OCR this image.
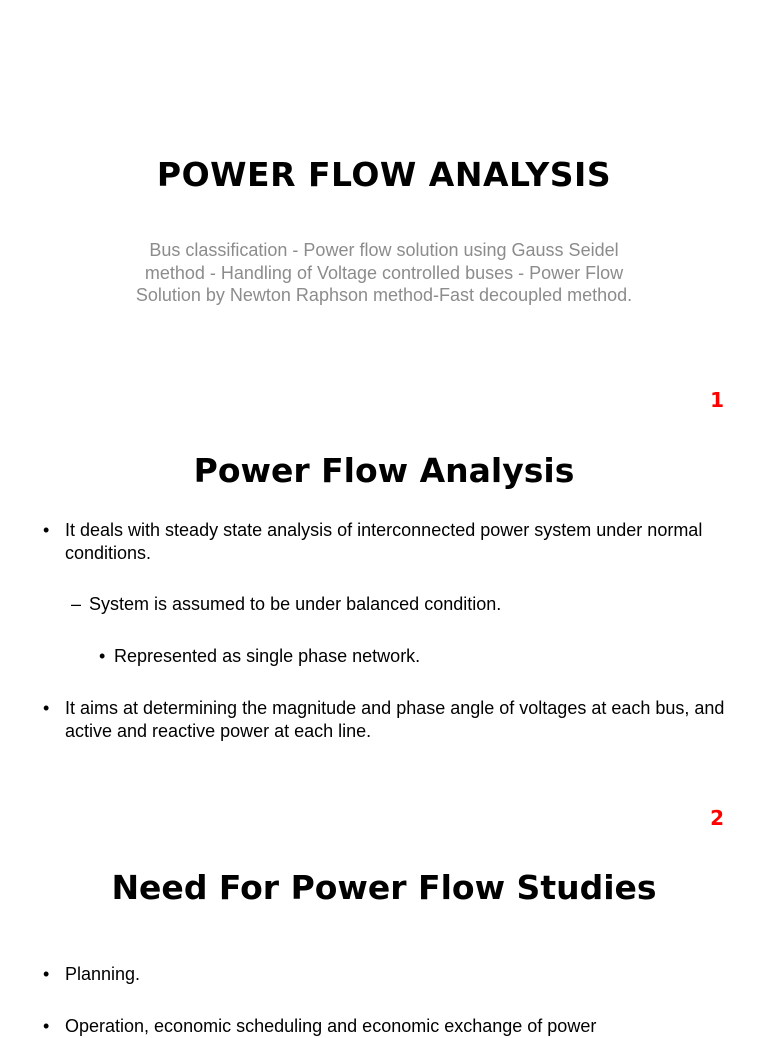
POWER FLOW ANALYSIS
Bus classification - Power flow solution using Gauss Seidel method - Handling of Voltage controlled buses - Power Flow Solution by Newton Raphson method-Fast decoupled method.
1
Power Flow Analysis
• It deals with steady state analysis of interconnected power system under normal conditions.
– System is assumed to be under balanced condition.
• Represented as single phase network.
• It aims at determining the magnitude and phase angle of voltages at each bus, and active and reactive power at each line.
2
Need For Power Flow Studies
• Planning.
• Operation, economic scheduling and economic exchange of power
